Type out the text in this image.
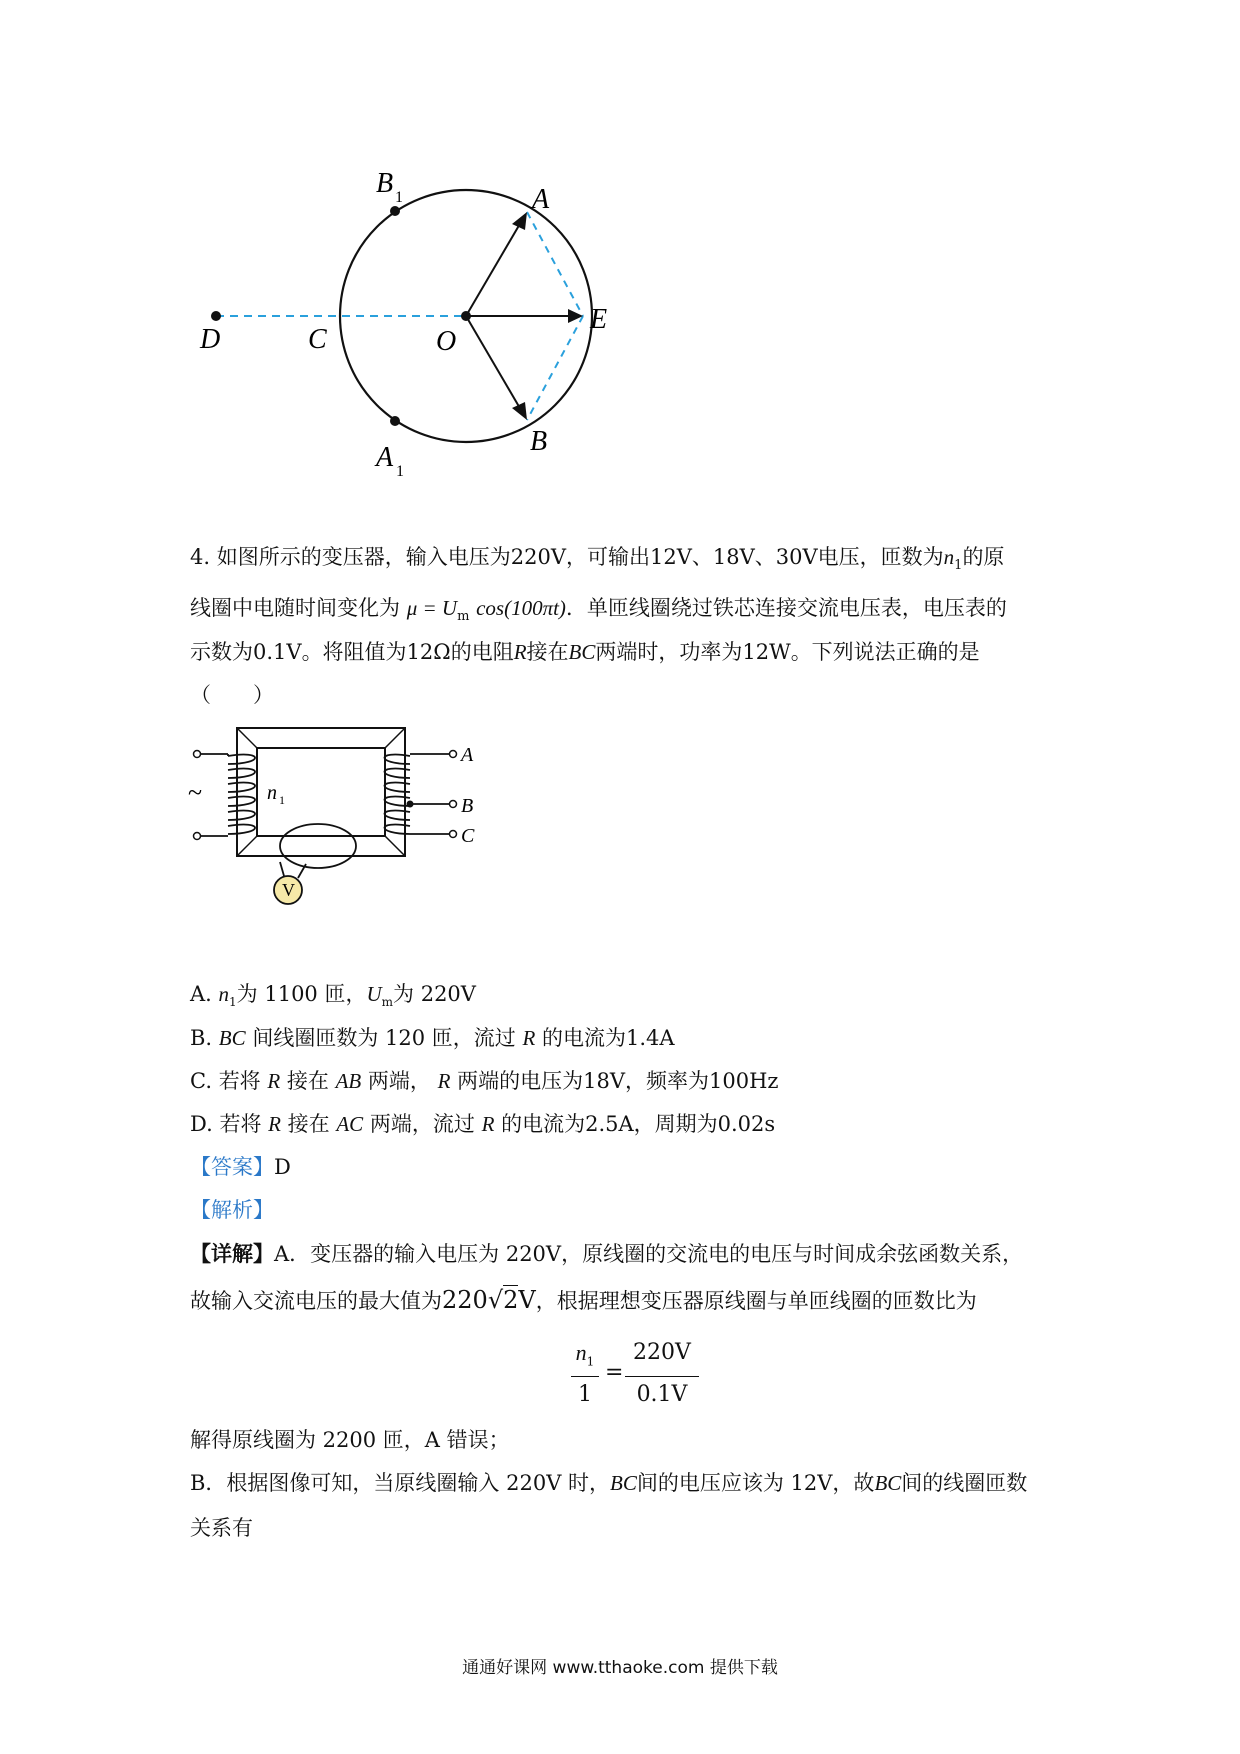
B 1	A
D	C	O
E
B
A 1
4. 如图所示的变压器，输入电压为220V，可输出12V、18V、30V电压，匝数为$n_1$的原
线圈中电随时间变化为 $\mu = U_m$ cos(100πt)．单匝线圈绕过铁芯连接交流电压表，电压表的
示数为0.1V。将阻值为12Ω的电阻R接在BC两端时，功率为12W。下列说法正确的是
（　　）
V
~	n 1
A
B
C
A. $n_1$为 1100 匝，$U_m$为 220V
B. BC 间线圈匝数为 120 匝，流过 R 的电流为1.4A
C. 若将 R 接在 AB 两端， R 两端的电压为18V，频率为100Hz
D. 若将 R 接在 AC 两端，流过 R 的电流为2.5A，周期为0.02s
【答案】D
【解析】
【详解】A．变压器的输入电压为 220V，原线圈的交流电的电压与时间成余弦函数关系，
故输入交流电压的最大值为220√2V，根据理想变压器原线圈与单匝线圈的匝数比为
$n_1$
1
=
220V
0.1V
解得原线圈为 2200 匝，A 错误；
B．根据图像可知，当原线圈输入 220V 时，BC间的电压应该为 12V，故BC间的线圈匝数
关系有
通通好课网 www.tthaoke.com 提供下载
